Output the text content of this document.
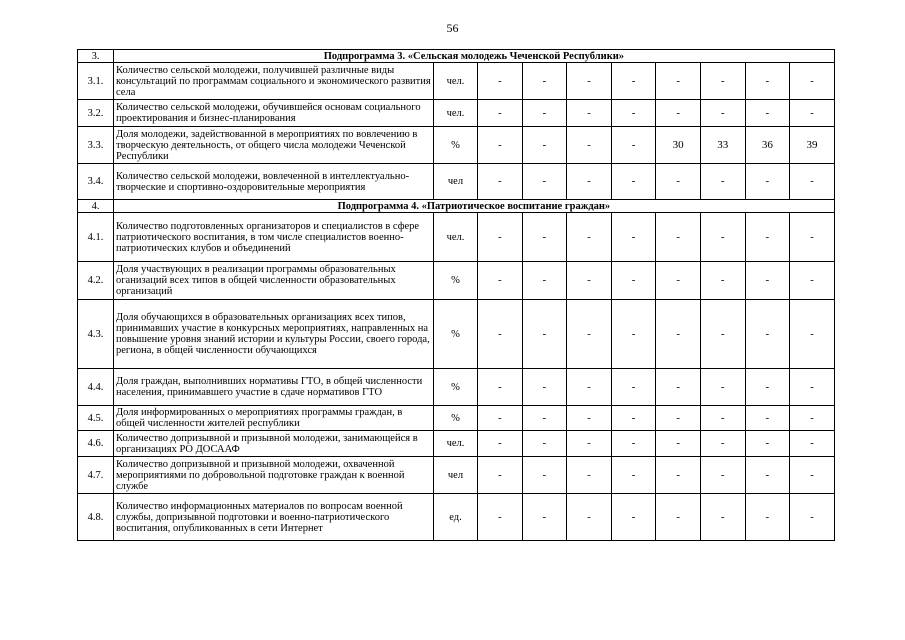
56
3.	Подпрограмма 3. «Сельская молодежь Чеченской Республики»									
3.1.	Количество сельской молодежи, получившей различные виды консультаций по программам социального и экономического развития села	чел.	-	-	-	-	-	-	-	-
3.2.	Количество сельской молодежи, обучившейся основам социального проектирования и бизнес-планирования	чел.	-	-	-	-	-	-	-	-
3.3.	Доля молодежи, задействованной в мероприятиях по вовлечению в творческую деятельность, от общего числа молодежи Чеченской Республики	%	-	-	-	-	30	33	36	39
3.4.	Количество сельской молодежи, вовлеченной в интеллектуально-творческие и спортивно-оздоровительные мероприятия	чел	-	-	-	-	-	-	-	-
4.	Подпрограмма 4. «Патриотическое воспитание граждан»									
4.1.	Количество подготовленных организаторов и специалистов в сфере патриотического воспитания, в том числе специалистов военно-патриотических клубов и объединений	чел.	-	-	-	-	-	-	-	-
4.2.	Доля участвующих в реализации программы образовательных оганизаций всех типов в общей численности образовательных организаций	%	-	-	-	-	-	-	-	-
4.3.	Доля обучающихся в образовательных организациях всех типов, принимавших участие в конкурсных мероприятиях, направленных на повышение уровня знаний истории и культуры России, своего города, региона, в общей численности обучающихся	%	-	-	-	-	-	-	-	-
4.4.	Доля граждан, выполнивших нормативы ГТО, в общей численности населения, принимавшего участие в сдаче нормативов ГТО	%	-	-	-	-	-	-	-	-
4.5.	Доля информированных о мероприятиях программы граждан, в общей численности жителей республики	%	-	-	-	-	-	-	-	-
4.6.	Количество допризывной и призывной молодежи, занимающейся в организациях РО ДОСААФ	чел.	-	-	-	-	-	-	-	-
4.7.	Количество допризывной и призывной молодежи, охваченной мероприятиями по добровольной подготовке граждан к военной службе	чел	-	-	-	-	-	-	-	-
4.8.	Количество информационных материалов по вопросам военной службы, допризывной подготовки и военно-патриотического воспитания, опубликованных в сети Интернет	ед.	-	-	-	-	-	-	-	-
